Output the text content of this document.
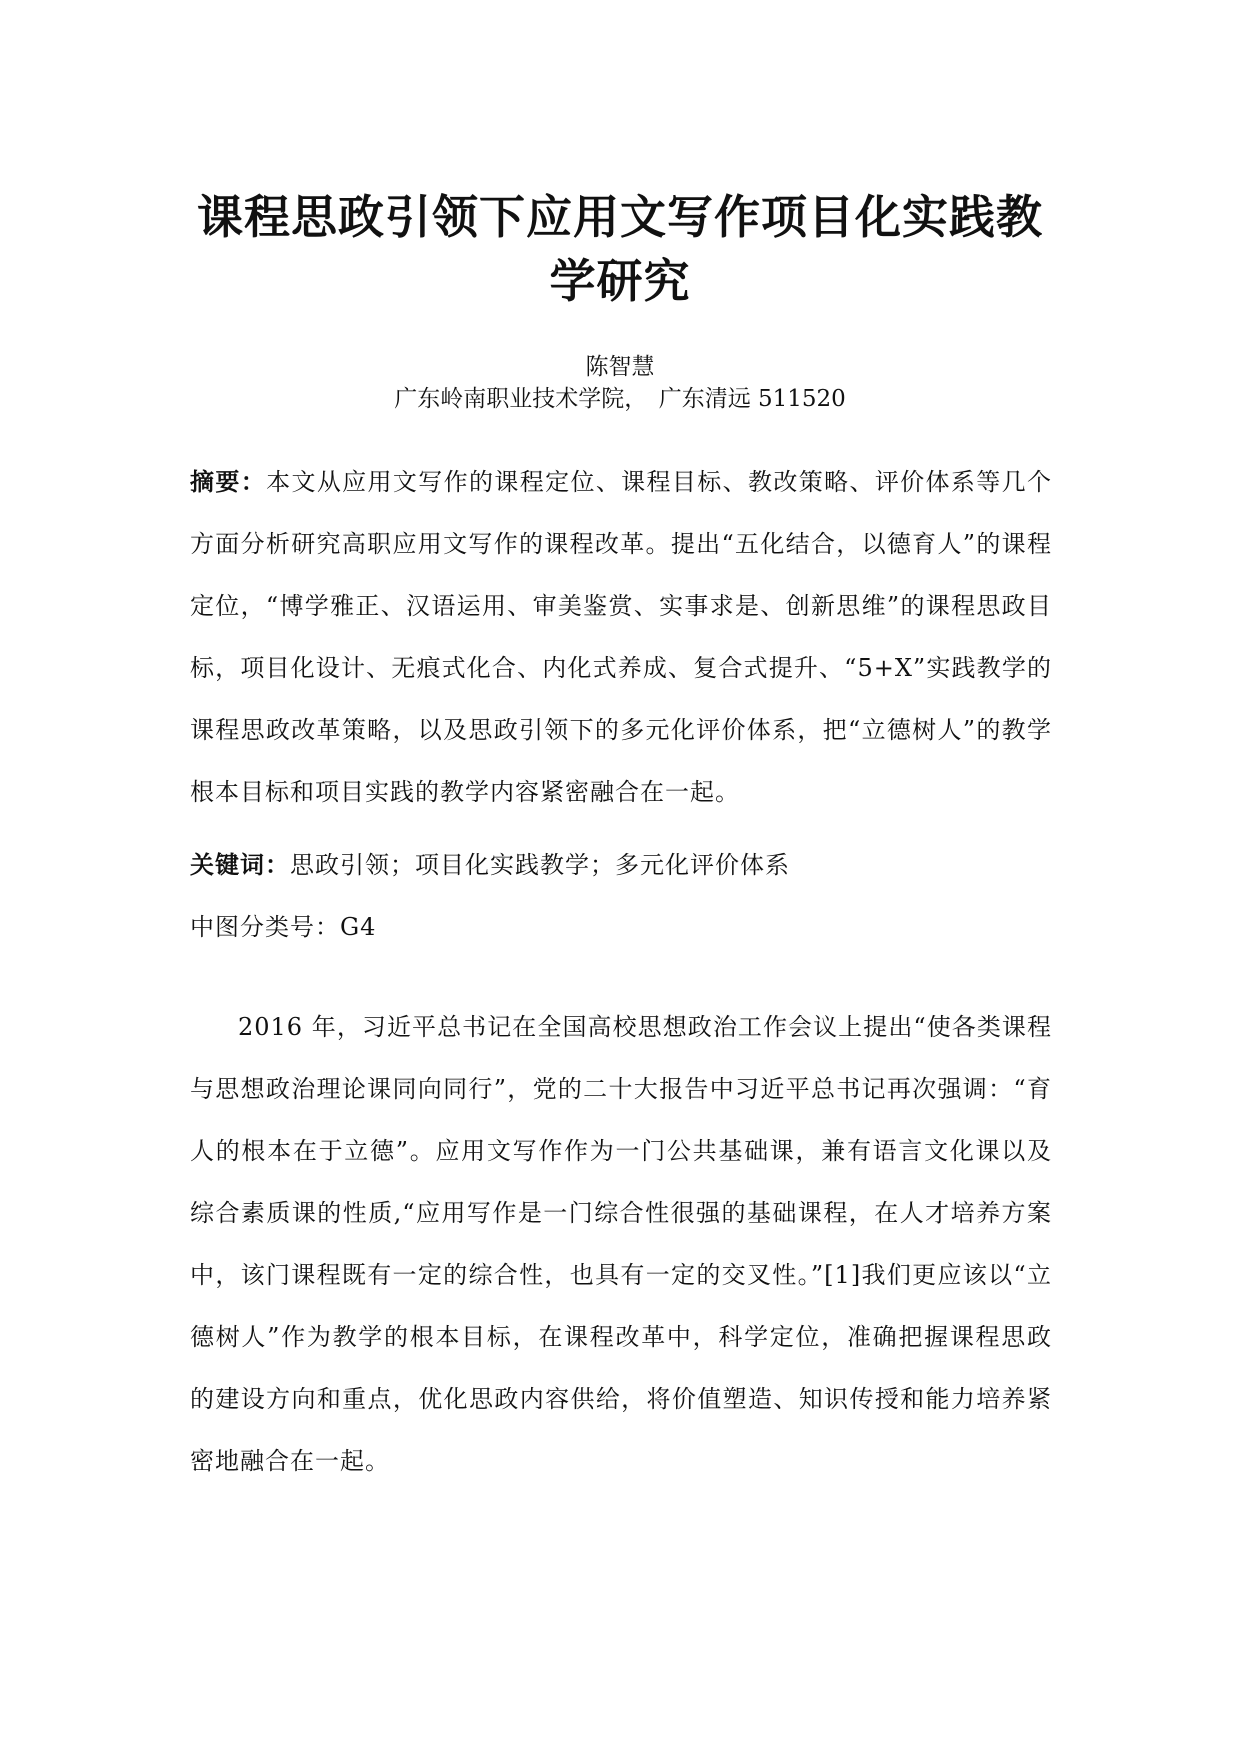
课程思政引领下应用文写作项目化实践教学研究
陈智慧
广东岭南职业技术学院，　广东清远 511520

摘要：本文从应用文写作的课程定位、课程目标、教改策略、评价体系等几个方面分析研究高职应用文写作的课程改革。提出“五化结合，以德育人”的课程定位，“博学雅正、汉语运用、审美鉴赏、实事求是、创新思维”的课程思政目标，项目化设计、无痕式化合、内化式养成、复合式提升、“5+X”实践教学的课程思政改革策略，以及思政引领下的多元化评价体系，把“立德树人”的教学根本目标和项目实践的教学内容紧密融合在一起。

关键词：思政引领；项目化实践教学；多元化评价体系

中图分类号：G4

2016 年，习近平总书记在全国高校思想政治工作会议上提出“使各类课程与思想政治理论课同向同行”，党的二十大报告中习近平总书记再次强调：“育人的根本在于立德”。应用文写作作为一门公共基础课，兼有语言文化课以及综合素质课的性质,“应用写作是一门综合性很强的基础课程，在人才培养方案中，该门课程既有一定的综合性，也具有一定的交叉性。”[1]我们更应该以“立德树人”作为教学的根本目标，在课程改革中，科学定位，准确把握课程思政的建设方向和重点，优化思政内容供给，将价值塑造、知识传授和能力培养紧密地融合在一起。
